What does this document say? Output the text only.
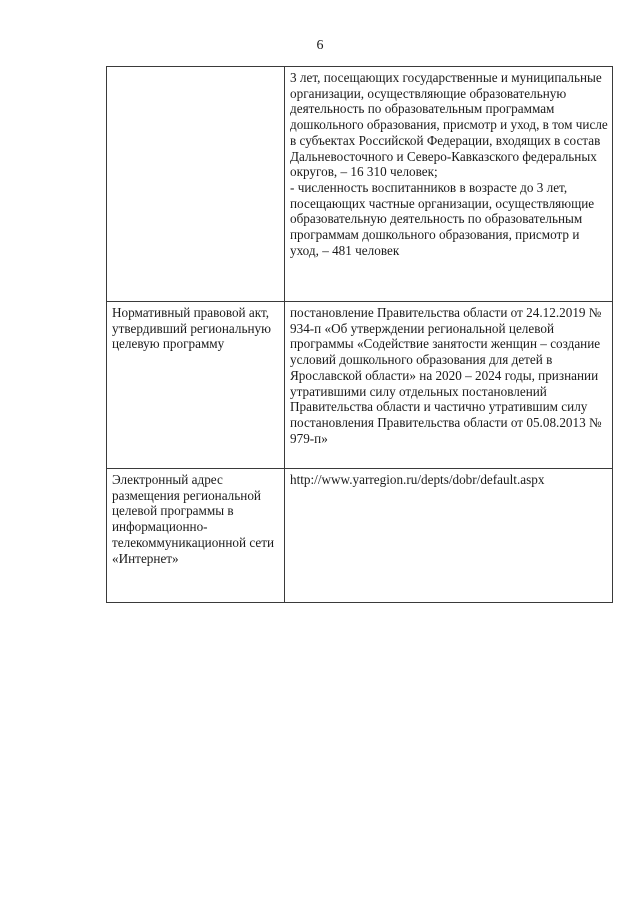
6

	3 лет, посещающих государственные и муниципальные организации, осуществляющие образовательную деятельность по образовательным программам дошкольного образования, присмотр и уход, в том числе в субъектах Российской Федерации, входящих в состав Дальневосточного и Северо-Кавказского федеральных округов, – 16 310 человек;
- численность воспитанников в возрасте до 3 лет, посещающих частные организации, осуществляющие образовательную деятельность по образовательным программам дошкольного образования, присмотр и уход, – 481 человек

Нормативный правовой акт, утвердивший региональную целевую программу	постановление Правительства области от 24.12.2019 № 934-п «Об утверждении региональной целевой программы «Содействие занятости женщин – создание условий дошкольного образования для детей в Ярославской области» на 2020 – 2024 годы, признании утратившими силу отдельных постановлений Правительства области и частично утратившим силу постановления Правительства области от 05.08.2013 № 979-п»

Электронный адрес размещения региональной целевой программы в информационно-телекоммуникационной сети «Интернет»	http://www.yarregion.ru/depts/dobr/default.aspx
